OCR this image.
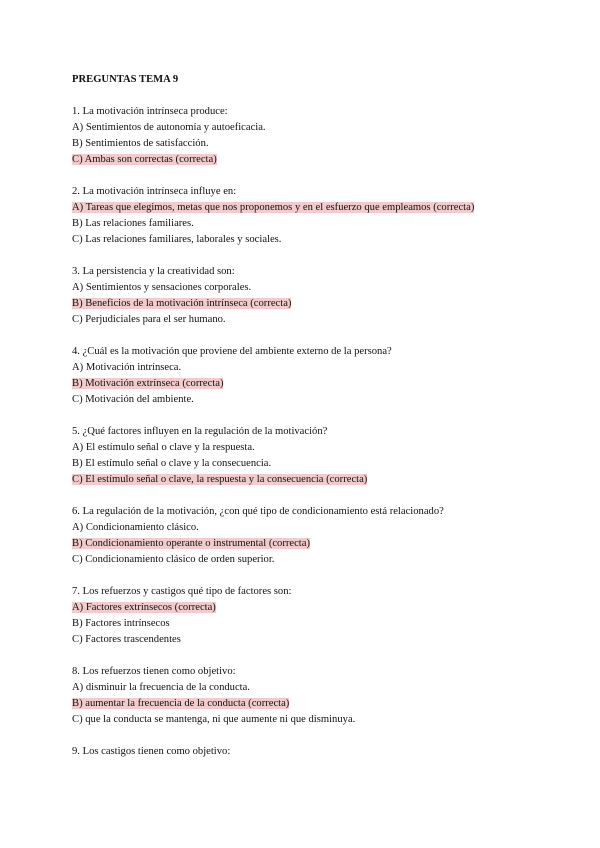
PREGUNTAS TEMA 9
1. La motivación intrínseca produce:
A) Sentimientos de autonomía y autoeficacia.
B) Sentimientos de satisfacción.
C) Ambas son correctas (correcta)
2. La motivación intrínseca influye en:
A) Tareas que elegimos, metas que nos proponemos y en el esfuerzo que empleamos (correcta)
B) Las relaciones familiares.
C) Las relaciones familiares, laborales y sociales.
3. La persistencia y la creatividad son:
A) Sentimientos y sensaciones corporales.
B) Beneficios de la motivación intrínseca (correcta)
C) Perjudiciales para el ser humano.
4. ¿Cuál es la motivación que proviene del ambiente externo de la persona?
A) Motivación intrínseca.
B) Motivación extrínseca (correcta)
C) Motivación del ambiente.
5. ¿Qué factores influyen en la regulación de la motivación?
A) El estímulo señal o clave y la respuesta.
B) El estímulo señal o clave y la consecuencia.
C) El estímulo señal o clave, la respuesta y la consecuencia (correcta)
6. La regulación de la motivación, ¿con qué tipo de condicionamiento está relacionado?
A) Condicionamiento clásico.
B) Condicionamiento operante o instrumental (correcta)
C) Condicionamiento clásico de orden superior.
7. Los refuerzos y castigos qué tipo de factores son:
A) Factores extrínsecos (correcta)
B) Factores intrínsecos
C) Factores trascendentes
8. Los refuerzos tienen como objetivo:
A) disminuir la frecuencia de la conducta.
B) aumentar la frecuencia de la conducta (correcta)
C) que la conducta se mantenga, ni que aumente ni que disminuya.
9. Los castigos tienen como objetivo:
